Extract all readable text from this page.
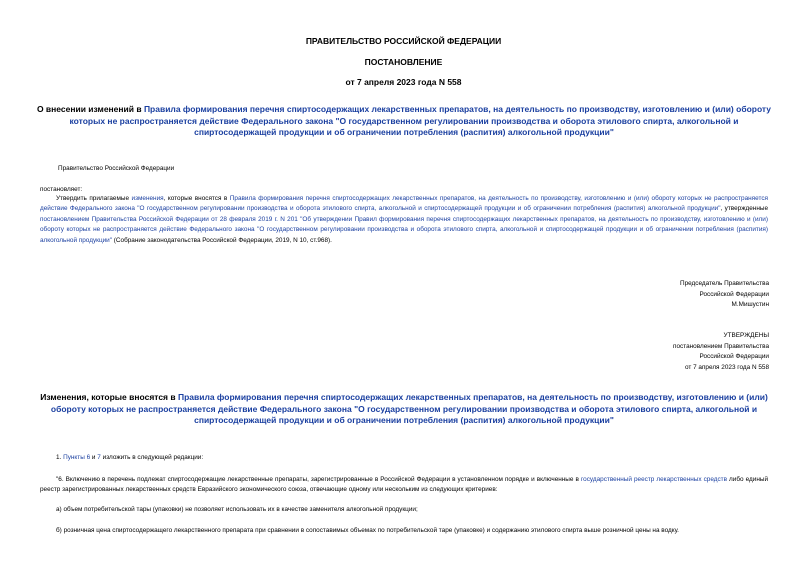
ПРАВИТЕЛЬСТВО РОССИЙСКОЙ ФЕДЕРАЦИИ
ПОСТАНОВЛЕНИЕ
от 7 апреля 2023 года N 558
О внесении изменений в Правила формирования перечня спиртосодержащих лекарственных препаратов, на деятельность по производству, изготовлению и (или) обороту которых не распространяется действие Федерального закона "О государственном регулировании производства и оборота этилового спирта, алкогольной и спиртосодержащей продукции и об ограничении потребления (распития) алкогольной продукции"
Правительство Российской Федерации
постановляет:
Утвердить прилагаемые изменения, которые вносятся в Правила формирования перечня спиртосодержащих лекарственных препаратов, на деятельность по производству, изготовлению и (или) обороту которых не распространяется действие Федерального закона "О государственном регулировании производства и оборота этилового спирта, алкогольной и спиртосодержащей продукции и об ограничении потребления (распития) алкогольной продукции", утвержденные постановлением Правительства Российской Федерации от 28 февраля 2019 г. N 201 "Об утверждении Правил формирования перечня спиртосодержащих лекарственных препаратов, на деятельность по производству, изготовлению и (или) обороту которых не распространяется действие Федерального закона "О государственном регулировании производства и оборота этилового спирта, алкогольной и спиртосодержащей продукции и об ограничении потребления (распития) алкогольной продукции" (Собрание законодательства Российской Федерации, 2019, N 10, ст.968).
Председатель Правительства
Российской Федерации
М.Мишустин
УТВЕРЖДЕНЫ
постановлением Правительства
Российской Федерации
от 7 апреля 2023 года N 558
Изменения, которые вносятся в Правила формирования перечня спиртосодержащих лекарственных препаратов, на деятельность по производству, изготовлению и (или) обороту которых не распространяется действие Федерального закона "О государственном регулировании производства и оборота этилового спирта, алкогольной и спиртосодержащей продукции и об ограничении потребления (распития) алкогольной продукции"
1. Пункты 6 и 7 изложить в следующей редакции:
"6. Включению в перечень подлежат спиртосодержащие лекарственные препараты, зарегистрированные в Российской Федерации в установленном порядке и включенные в государственный реестр лекарственных средств либо единый реестр зарегистрированных лекарственных средств Евразийского экономического союза, отвечающие одному или нескольким из следующих критериев:
а) объем потребительской тары (упаковки) не позволяет использовать их в качестве заменителя алкогольной продукции;
б) розничная цена спиртосодержащего лекарственного препарата при сравнении в сопоставимых объемах по потребительской таре (упаковке) и содержанию этилового спирта выше розничной цены на водку.
